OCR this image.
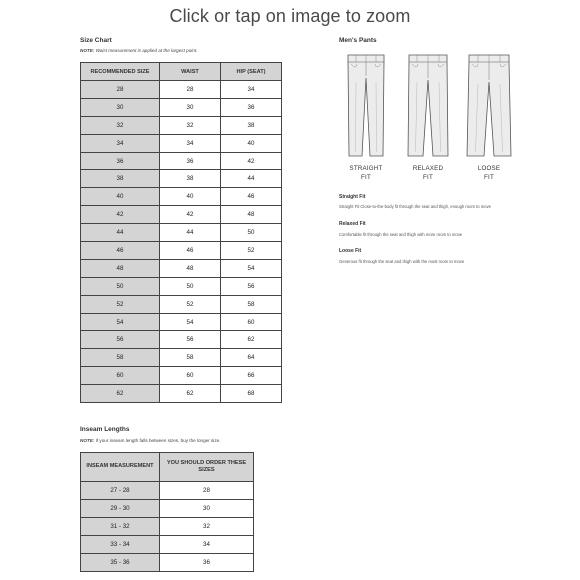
Click or tap on image to zoom
Size Chart
NOTE: Waist measurement is applied at the largest point.
RECOMMENDED SIZE	WAIST	HIP (SEAT)
28	28	34
30	30	36
32	32	38
34	34	40
36	36	42
38	38	44
40	40	46
42	42	48
44	44	50
46	46	52
48	48	54
50	50	56
52	52	58
54	54	60
56	56	62
58	58	64
60	60	66
62	62	68
Inseam Lengths
NOTE: If your inseam length falls between sizes, buy the longer size.
INSEAM MEASUREMENT	YOU SHOULD ORDER THESE SIZES
27 - 28	28
29 - 30	30
31 - 32	32
33 - 34	34
35 - 36	36
Men's Pants
STRAIGHT
FIT
RELAXED
FIT
LOOSE
FIT
Straight Fit
Straight Fit Close-to-the-body fit through the seat and thigh, enough room to move
Relaxed Fit
Comfortable fit through the seat and thigh with more room to move
Loose Fit
Generous fit through the seat and thigh with the most room to move
